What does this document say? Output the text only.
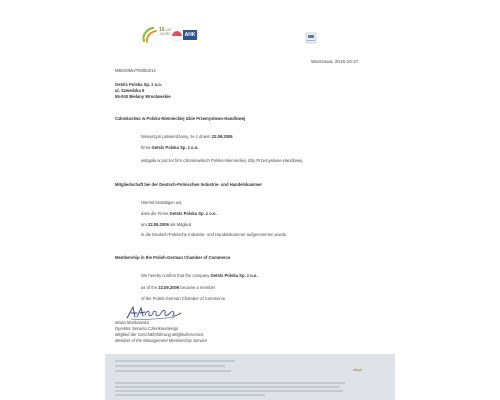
10 LAT
JAHRE	AHK
Warszawa, 2015-10-27
MBS/MMo/TM/853/14
Getslx Polska Sp. z o.o.
ul. Szwedzka 5
55-040 Bielany Wrocławskie
Członkostwo w Polsko-Niemieckiej Izbie Przemysłowo-Handlowej
Niniejszym potwierdzamy, że z dniem 22.09.2006
firma Getslx Polska Sp. z o.o.
wstąpiła w poczet firm członkowskich Polsko-Niemieckiej Izby Przemysłowo-Handlowej.
Mitgliedschaft bei der Deutsch-Polnischen Industrie- und Handelskammer
Hiermit bestätigen wir,
dass die Firma Getslx Polska Sp. z o.o.
am 22.09.2006 als Mitglied
in die Deutsch-Polnische Industrie- und Handelskammer aufgenommen wurde.
Membership in the Polish-German Chamber of Commerce
We hereby confirm that the company Getslx Polska Sp. z o.o.
as of the 22.09.2006 became a member
of the Polish-German Chamber of Commerce.
Marta Monkowska
Dyrektor Serwisu Członkowskiego
Mitglied der Geschäftsführung Mitgliederservice
Member of the Management Membership Service
ahk.pl
